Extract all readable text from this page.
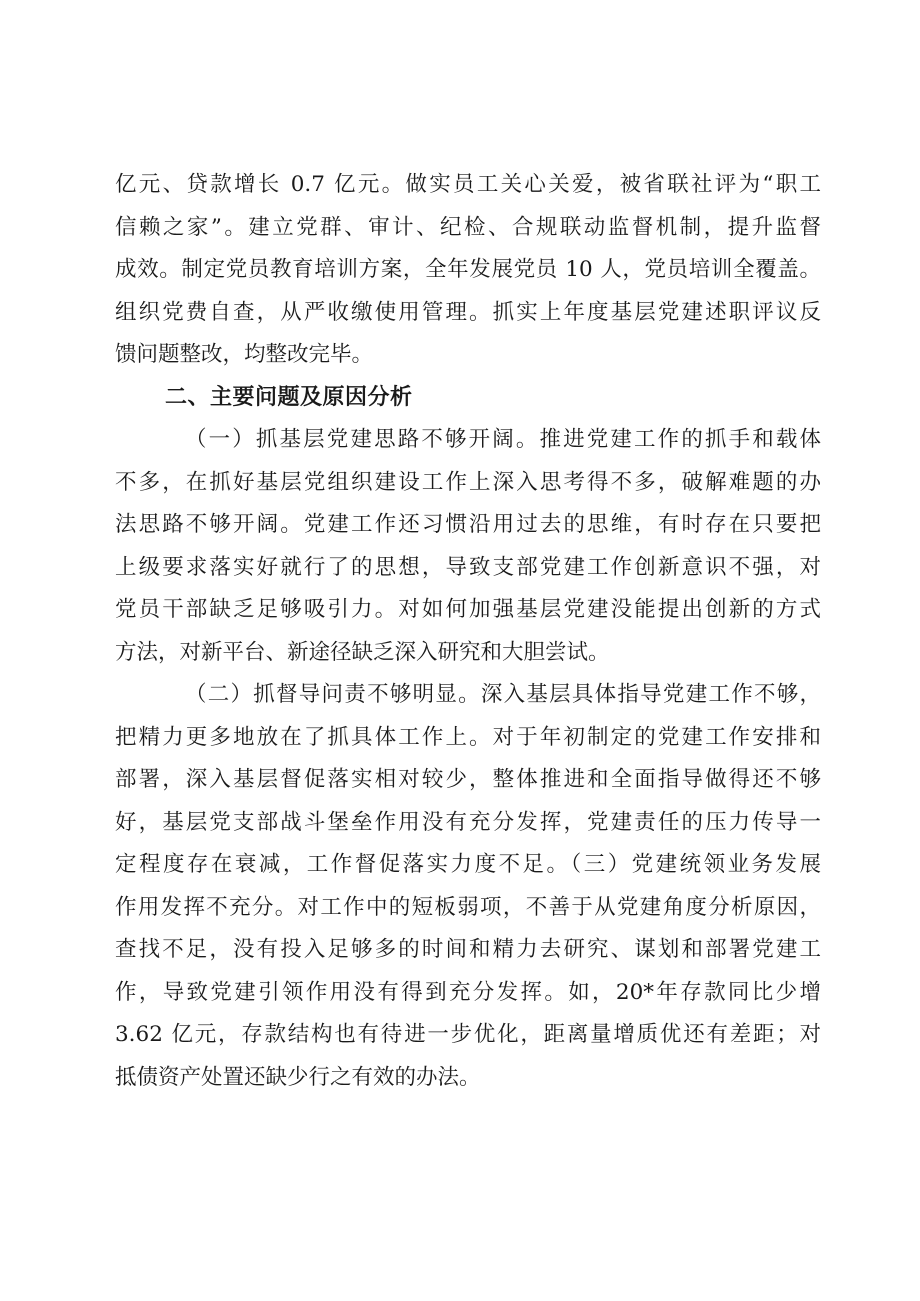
亿元、贷款增长 0.7 亿元。做实员工关心关爱，被省联社评为“职工
信赖之家”。建立党群、审计、纪检、合规联动监督机制，提升监督
成效。制定党员教育培训方案，全年发展党员 10 人，党员培训全覆盖。
组织党费自查，从严收缴使用管理。抓实上年度基层党建述职评议反
馈问题整改，均整改完毕。
二、主要问题及原因分析
（一）抓基层党建思路不够开阔。推进党建工作的抓手和载体
不多，在抓好基层党组织建设工作上深入思考得不多，破解难题的办
法思路不够开阔。党建工作还习惯沿用过去的思维，有时存在只要把
上级要求落实好就行了的思想，导致支部党建工作创新意识不强，对
党员干部缺乏足够吸引力。对如何加强基层党建没能提出创新的方式
方法，对新平台、新途径缺乏深入研究和大胆尝试。
（二）抓督导问责不够明显。深入基层具体指导党建工作不够，
把精力更多地放在了抓具体工作上。对于年初制定的党建工作安排和
部署，深入基层督促落实相对较少，整体推进和全面指导做得还不够
好，基层党支部战斗堡垒作用没有充分发挥，党建责任的压力传导一
定程度存在衰减，工作督促落实力度不足。（三）党建统领业务发展
作用发挥不充分。对工作中的短板弱项，不善于从党建角度分析原因，
查找不足，没有投入足够多的时间和精力去研究、谋划和部署党建工
作，导致党建引领作用没有得到充分发挥。如，20*年存款同比少增
3.62 亿元，存款结构也有待进一步优化，距离量增质优还有差距；对
抵债资产处置还缺少行之有效的办法。
